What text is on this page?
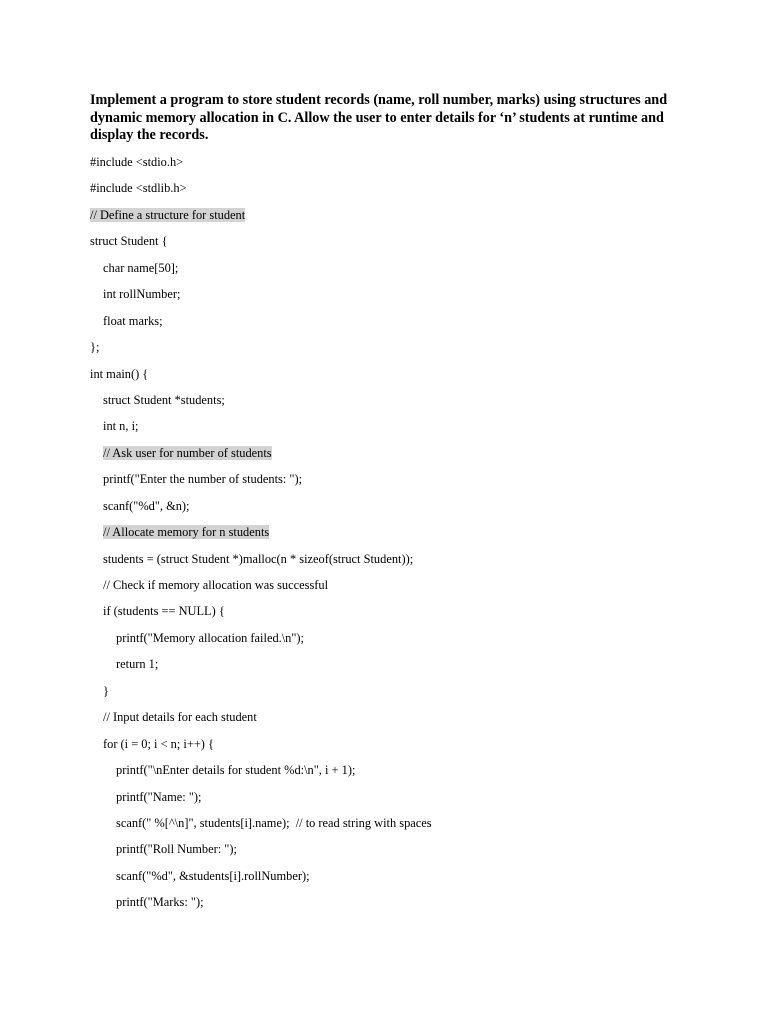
Implement a program to store student records (name, roll number, marks) using structures and dynamic memory allocation in C. Allow the user to enter details for ‘n’ students at runtime and display the records.

#include <stdio.h>
#include <stdlib.h>
// Define a structure for student
struct Student {
char name[50];
int rollNumber;
float marks;
};
int main() {
struct Student *students;
int n, i;
// Ask user for number of students
printf("Enter the number of students: ");
scanf("%d", &n);
// Allocate memory for n students
students = (struct Student *)malloc(n * sizeof(struct Student));
// Check if memory allocation was successful
if (students == NULL) {
printf("Memory allocation failed.\n");
return 1;
}
// Input details for each student
for (i = 0; i < n; i++) {
printf("\nEnter details for student %d:\n", i + 1);
printf("Name: ");
scanf(" %[^\n]", students[i].name);  // to read string with spaces
printf("Roll Number: ");
scanf("%d", &students[i].rollNumber);
printf("Marks: ");
